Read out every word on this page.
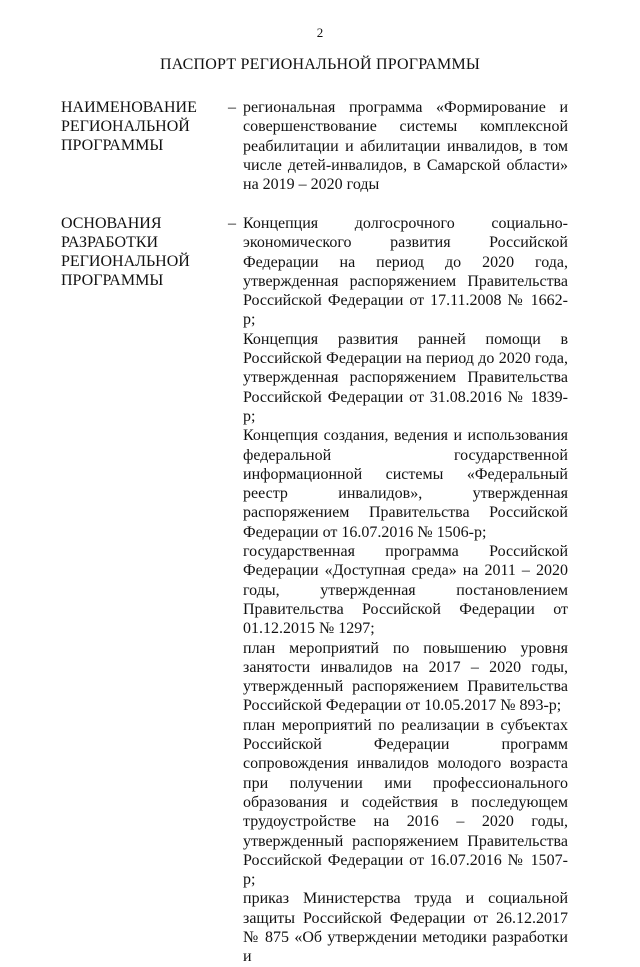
2
ПАСПОРТ РЕГИОНАЛЬНОЙ ПРОГРАММЫ
НАИМЕНОВАНИЕ РЕГИОНАЛЬНОЙ ПРОГРАММЫ
– региональная программа «Формирование и совершенствование системы комплексной реабилитации и абилитации инвалидов, в том числе детей-инвалидов, в Самарской области» на 2019 – 2020 годы

ОСНОВАНИЯ РАЗРАБОТКИ РЕГИОНАЛЬНОЙ ПРОГРАММЫ
– Концепция долгосрочного социально-экономического развития Российской Федерации на период до 2020 года, утвержденная распоряжением Правительства Российской Федерации от 17.11.2008 № 1662-р;

Концепция развития ранней помощи в Российской Федерации на период до 2020 года, утвержденная распоряжением Правительства Российской Федерации от 31.08.2016 № 1839-р;

Концепция создания, ведения и использования федеральной государственной информационной системы «Федеральный реестр инвалидов», утвержденная распоряжением Правительства Российской Федерации от 16.07.2016 № 1506-р;

государственная программа Российской Федерации «Доступная среда» на 2011 – 2020 годы, утвержденная постановлением Правительства Российской Федерации от 01.12.2015 № 1297;

план мероприятий по повышению уровня занятости инвалидов на 2017 – 2020 годы, утвержденный распоряжением Правительства Российской Федерации от 10.05.2017 № 893-р;

план мероприятий по реализации в субъектах Российской Федерации программ сопровождения инвалидов молодого возраста при получении ими профессионального образования и содействия в последующем трудоустройстве на 2016 – 2020 годы, утвержденный распоряжением Правительства Российской Федерации от 16.07.2016 № 1507-р;

приказ Министерства труда и социальной защиты Российской Федерации от 26.12.2017 № 875 «Об утверждении методики разработки и
